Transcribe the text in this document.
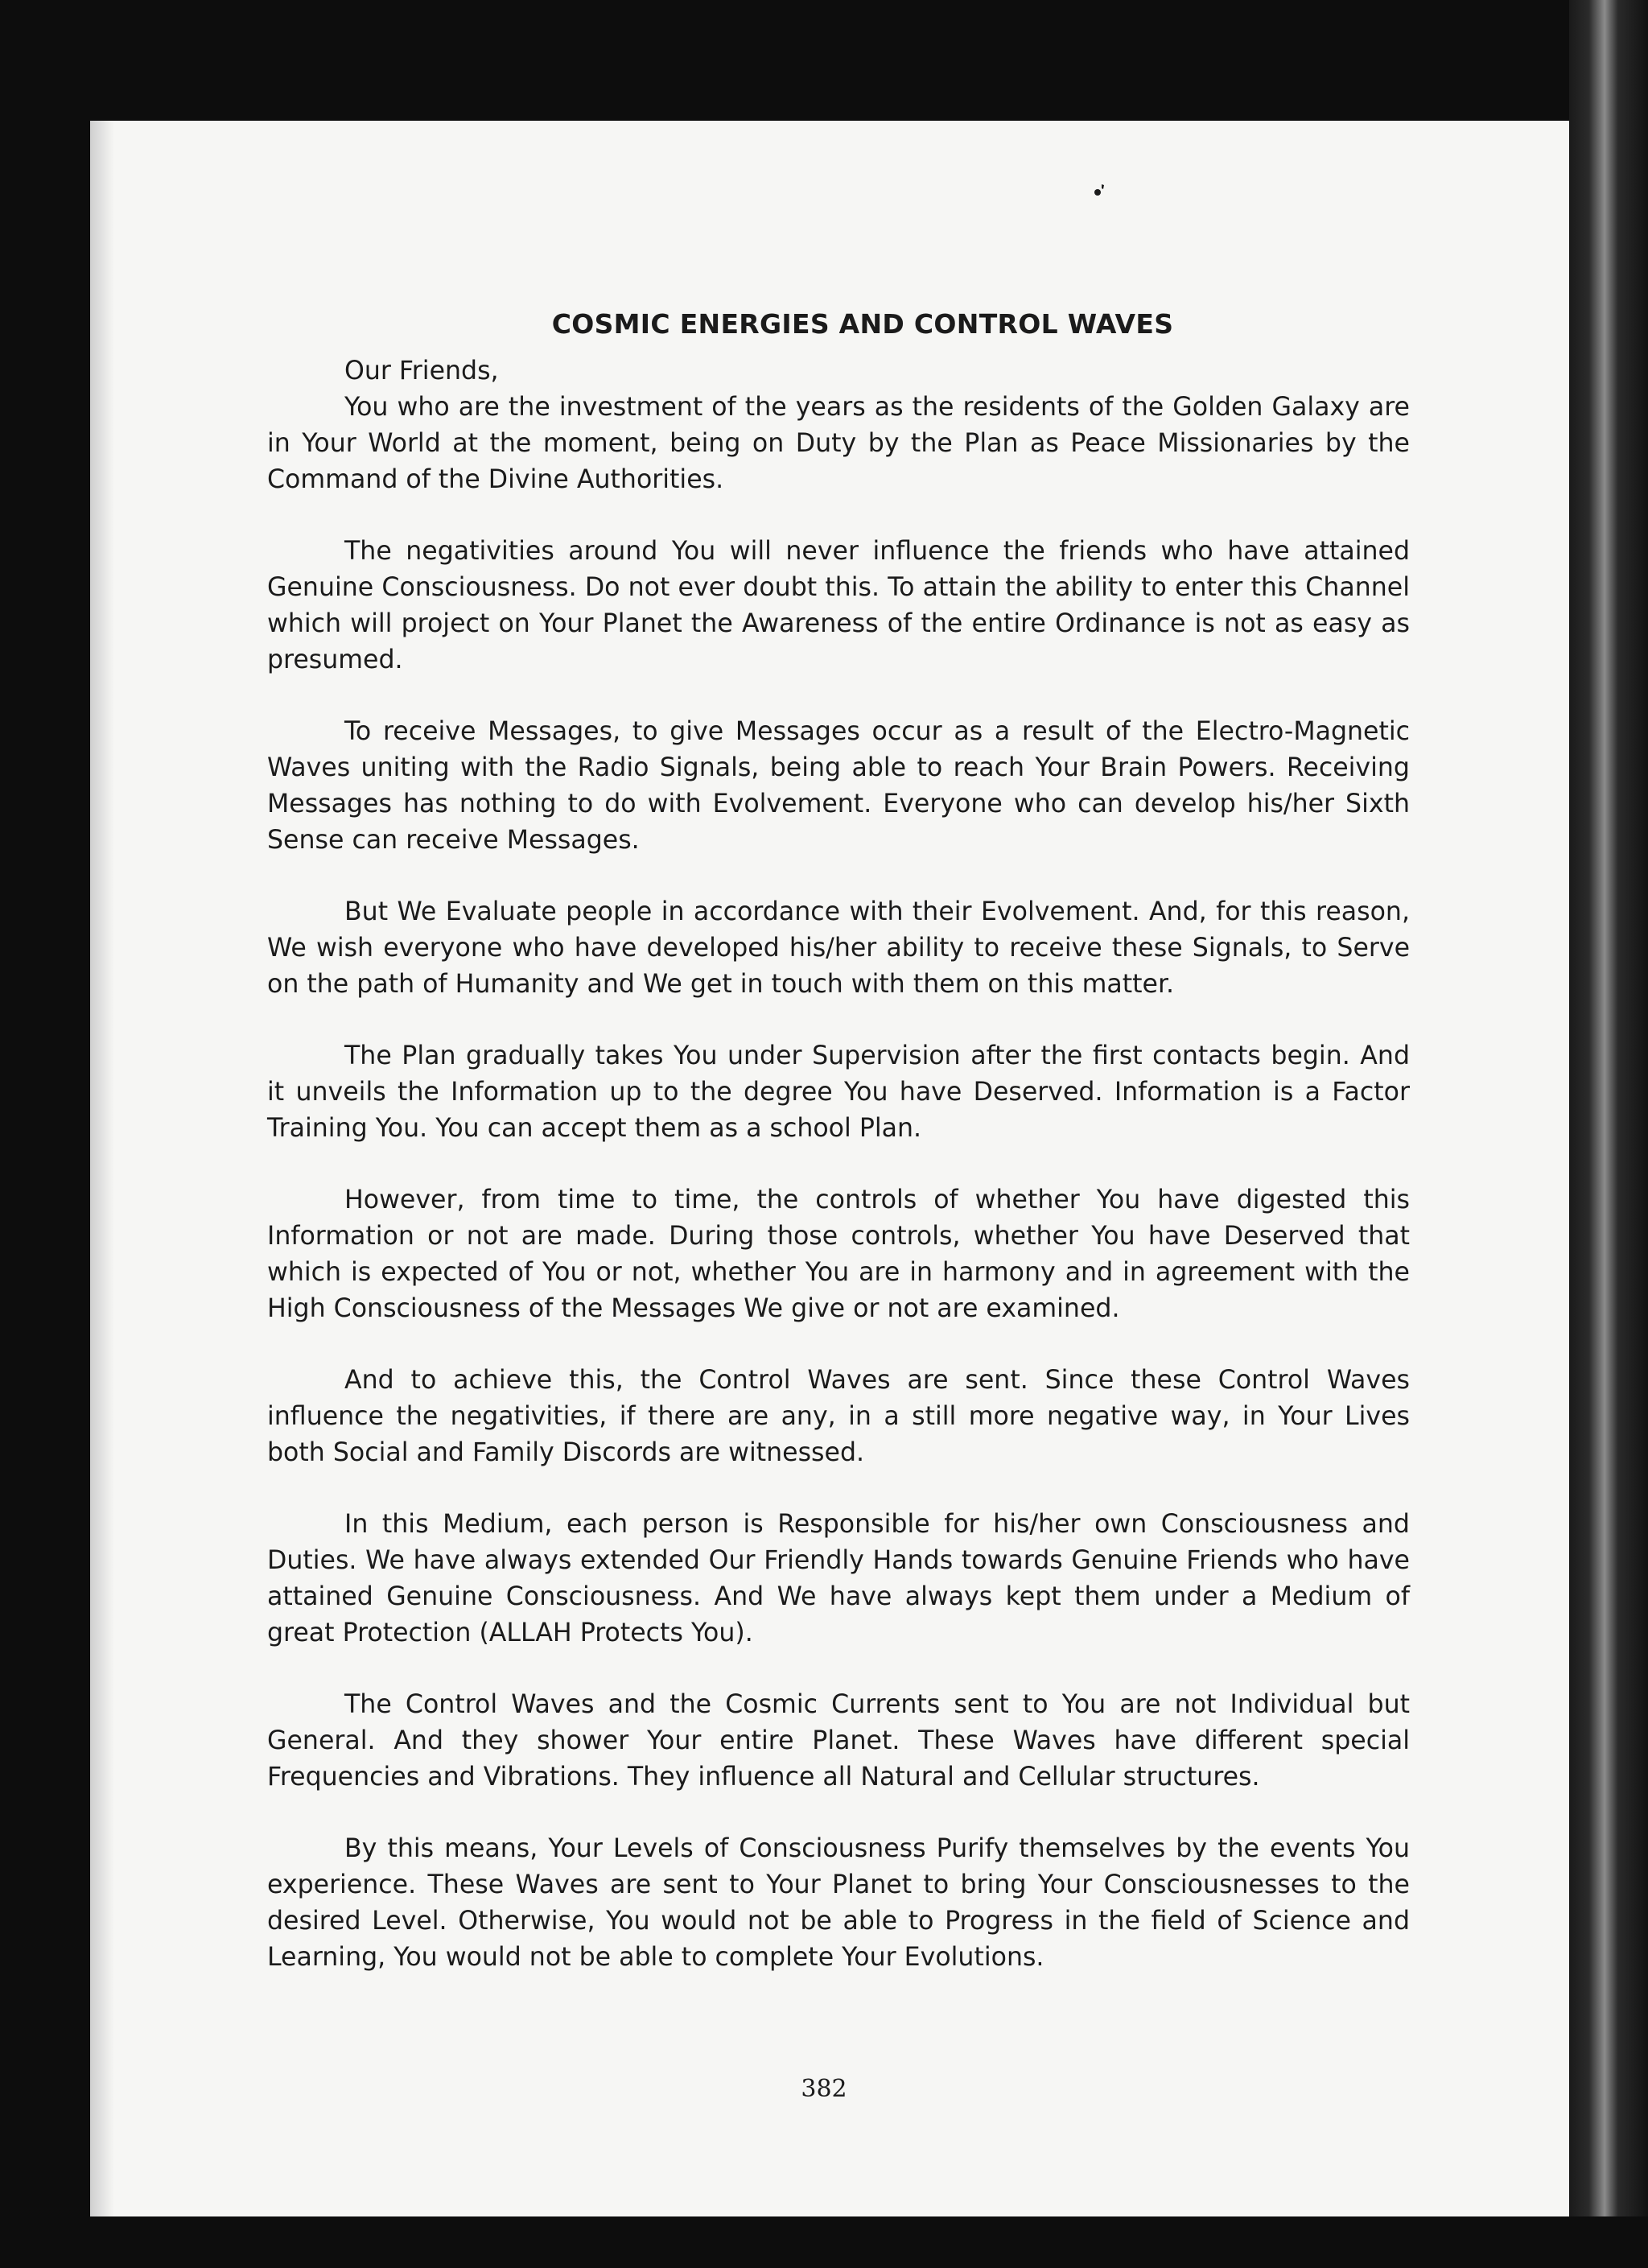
COSMIC ENERGIES AND CONTROL WAVES
Our Friends,

You who are the investment of the years as the residents of the Golden Galaxy are in Your World at the moment, being on Duty by the Plan as Peace Missionaries by the Command of the Divine Authorities.

The negativities around You will never influence the friends who have attained Genuine Consciousness. Do not ever doubt this. To attain the ability to enter this Channel which will project on Your Planet the Awareness of the entire Ordinance is not as easy as presumed.

To receive Messages, to give Messages occur as a result of the Electro-Magnetic Waves uniting with the Radio Signals, being able to reach Your Brain Powers. Receiving Messages has nothing to do with Evolvement. Everyone who can develop his/her Sixth Sense can receive Messages.

But We Evaluate people in accordance with their Evolvement. And, for this reason, We wish everyone who have developed his/her ability to receive these Signals, to Serve on the path of Humanity and We get in touch with them on this matter.

The Plan gradually takes You under Supervision after the first contacts begin. And it unveils the Information up to the degree You have Deserved. Information is a Factor Training You. You can accept them as a school Plan.

However, from time to time, the controls of whether You have digested this Information or not are made. During those controls, whether You have Deserved that which is expected of You or not, whether You are in harmony and in agreement with the High Consciousness of the Messages We give or not are examined.

And to achieve this, the Control Waves are sent. Since these Control Waves influence the negativities, if there are any, in a still more negative way, in Your Lives both Social and Family Discords are witnessed.

In this Medium, each person is Responsible for his/her own Consciousness and Duties. We have always extended Our Friendly Hands towards Genuine Friends who have attained Genuine Consciousness. And We have always kept them under a Medium of great Protection (ALLAH Protects You).

The Control Waves and the Cosmic Currents sent to You are not Individual but General. And they shower Your entire Planet. These Waves have different special Frequencies and Vibrations. They influence all Natural and Cellular structures.

By this means, Your Levels of Consciousness Purify themselves by the events You experience. These Waves are sent to Your Planet to bring Your Consciousnesses to the desired Level. Otherwise, You would not be able to Progress in the field of Science and Learning, You would not be able to complete Your Evolutions.

382
